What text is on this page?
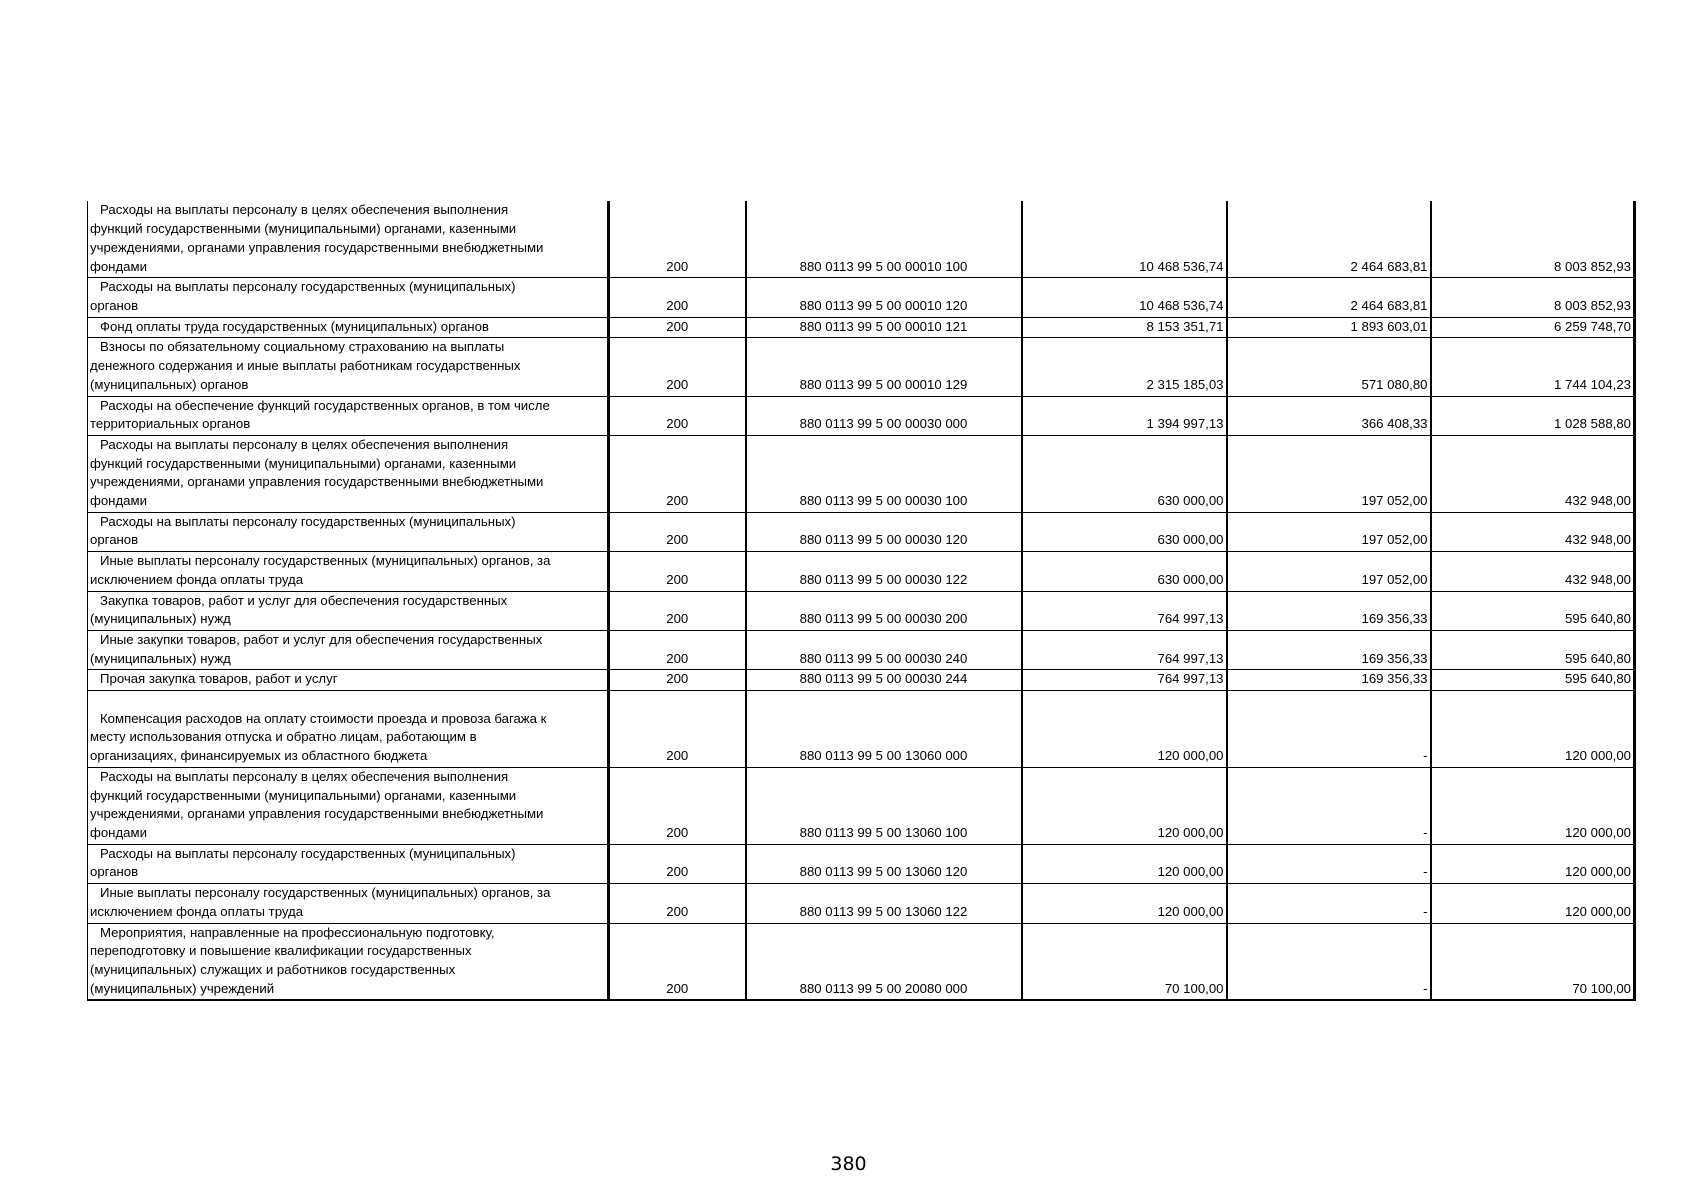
Расходы на выплаты персоналу в целях обеспечения выполнения
функций государственными (муниципальными) органами, казенными
учреждениями, органами управления государственными внебюджетными
фондами	200	880 0113 99 5 00 00010 100	10 468 536,74	2 464 683,81	8 003 852,93

Расходы на выплаты персоналу государственных (муниципальных)
органов	200	880 0113 99 5 00 00010 120	10 468 536,74	2 464 683,81	8 003 852,93

Фонд оплаты труда государственных (муниципальных) органов	200	880 0113 99 5 00 00010 121	8 153 351,71	1 893 603,01	6 259 748,70

Взносы по обязательному социальному страхованию на выплаты
денежного содержания и иные выплаты работникам государственных
(муниципальных) органов	200	880 0113 99 5 00 00010 129	2 315 185,03	571 080,80	1 744 104,23

Расходы на обеспечение функций государственных органов, в том числе
территориальных органов	200	880 0113 99 5 00 00030 000	1 394 997,13	366 408,33	1 028 588,80

Расходы на выплаты персоналу в целях обеспечения выполнения
функций государственными (муниципальными) органами, казенными
учреждениями, органами управления государственными внебюджетными
фондами	200	880 0113 99 5 00 00030 100	630 000,00	197 052,00	432 948,00

Расходы на выплаты персоналу государственных (муниципальных)
органов	200	880 0113 99 5 00 00030 120	630 000,00	197 052,00	432 948,00

Иные выплаты персоналу государственных (муниципальных) органов, за
исключением фонда оплаты труда	200	880 0113 99 5 00 00030 122	630 000,00	197 052,00	432 948,00

Закупка товаров, работ и услуг для обеспечения государственных
(муниципальных) нужд	200	880 0113 99 5 00 00030 200	764 997,13	169 356,33	595 640,80

Иные закупки товаров, работ и услуг для обеспечения государственных
(муниципальных) нужд	200	880 0113 99 5 00 00030 240	764 997,13	169 356,33	595 640,80

Прочая закупка товаров, работ и услуг	200	880 0113 99 5 00 00030 244	764 997,13	169 356,33	595 640,80

Компенсация расходов на оплату стоимости проезда и провоза багажа к
месту использования отпуска и обратно лицам, работающим в
организациях, финансируемых из областного бюджета	200	880 0113 99 5 00 13060 000	120 000,00	-	120 000,00

Расходы на выплаты персоналу в целях обеспечения выполнения
функций государственными (муниципальными) органами, казенными
учреждениями, органами управления государственными внебюджетными
фондами	200	880 0113 99 5 00 13060 100	120 000,00	-	120 000,00

Расходы на выплаты персоналу государственных (муниципальных)
органов	200	880 0113 99 5 00 13060 120	120 000,00	-	120 000,00

Иные выплаты персоналу государственных (муниципальных) органов, за
исключением фонда оплаты труда	200	880 0113 99 5 00 13060 122	120 000,00	-	120 000,00

Мероприятия, направленные на профессиональную подготовку,
переподготовку и повышение квалификации государственных
(муниципальных) служащих и работников государственных
(муниципальных) учреждений	200	880 0113 99 5 00 20080 000	70 100,00	-	70 100,00
380
